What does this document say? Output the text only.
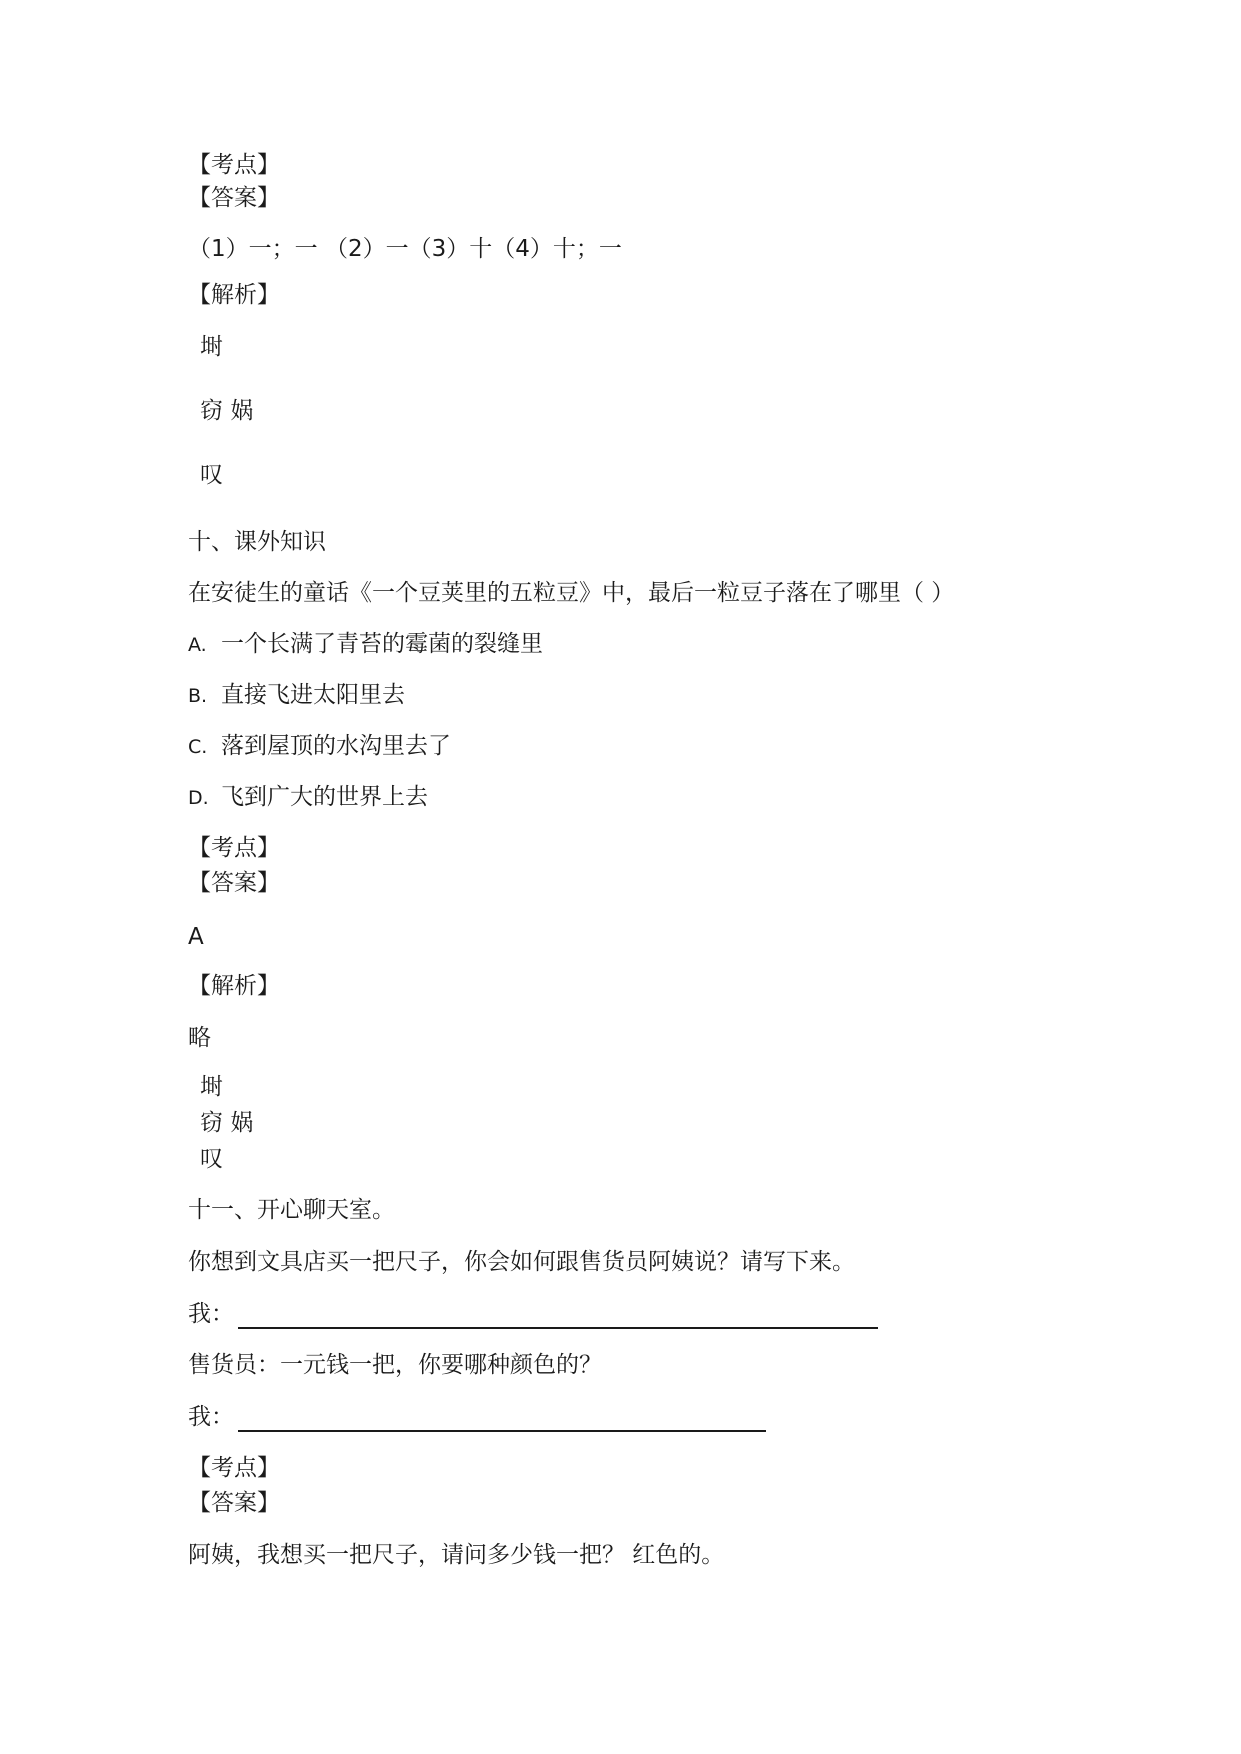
【考点】
【答案】
（1）一；一 （2）一（3）十（4）十；一
【解析】
埘
窃 娲
叹
十、课外知识
在安徒生的童话《一个豆荚里的五粒豆》中，最后一粒豆子落在了哪里（ ）
A. 一个长满了青苔的霉菌的裂缝里
B. 直接飞进太阳里去
C. 落到屋顶的水沟里去了
D. 飞到广大的世界上去
【考点】
【答案】
A
【解析】
略
埘
窃 娲
叹
十一、开心聊天室。
你想到文具店买一把尺子，你会如何跟售货员阿姨说？请写下来。
我：
售货员：一元钱一把，你要哪种颜色的？
我：
【考点】
【答案】
阿姨，我想买一把尺子，请问多少钱一把？ 红色的。
